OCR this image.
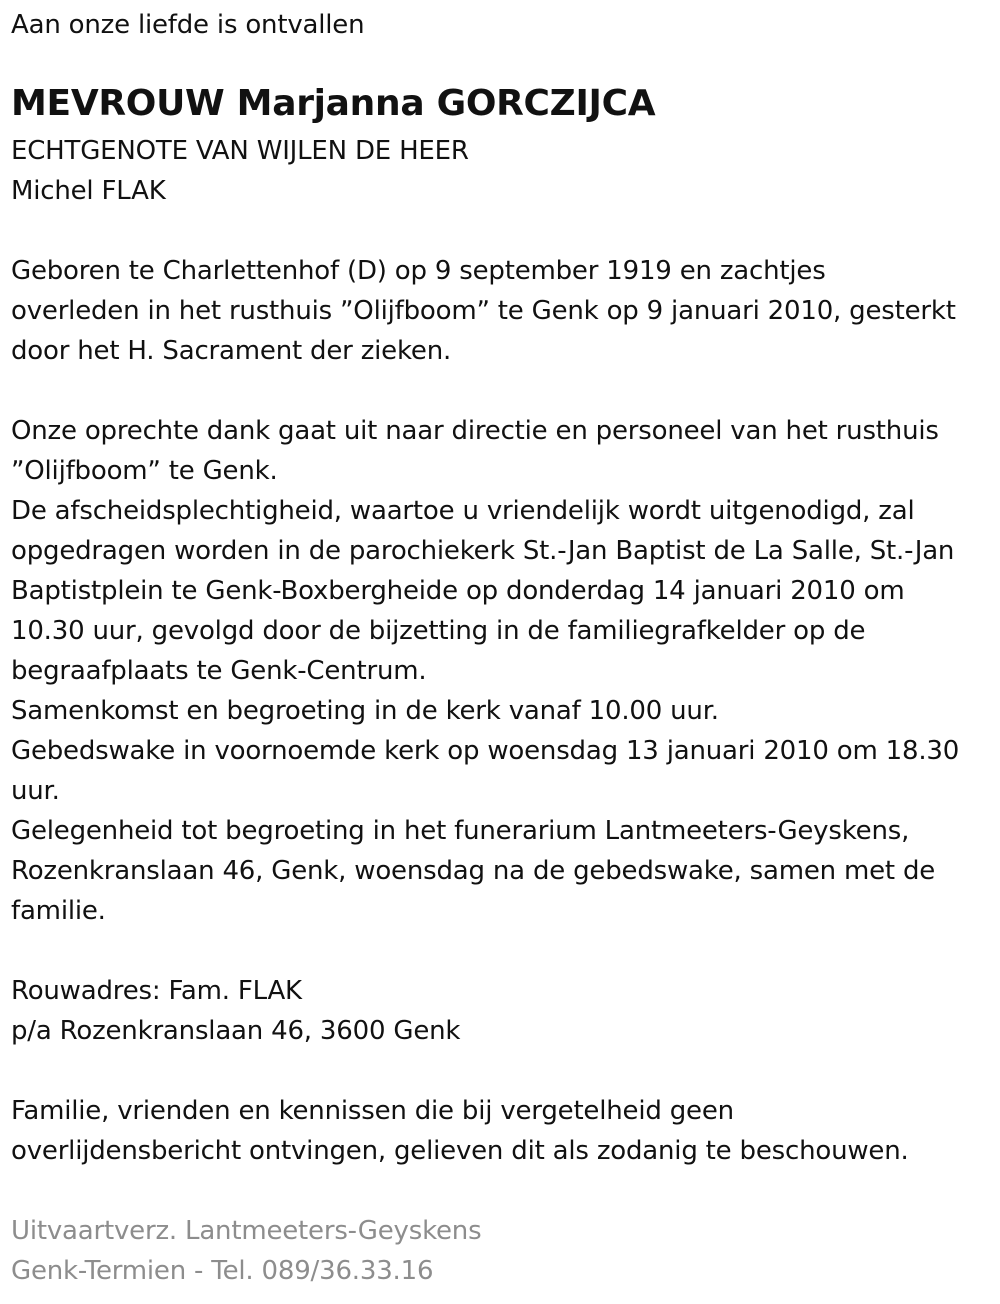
Aan onze liefde is ontvallen
MEVROUW Marjanna GORCZIJCA
ECHTGENOTE VAN WIJLEN DE HEER
Michel FLAK
Geboren te Charlettenhof (D) op 9 september 1919 en zachtjes
overleden in het rusthuis ˮOlijfboomˮ te Genk op 9 januari 2010, gesterkt
door het H. Sacrament der zieken.
Onze oprechte dank gaat uit naar directie en personeel van het rusthuis
ˮOlijfboomˮ te Genk.
De afscheidsplechtigheid, waartoe u vriendelijk wordt uitgenodigd, zal
opgedragen worden in de parochiekerk St.-Jan Baptist de La Salle, St.-Jan
Baptistplein te Genk-Boxbergheide op donderdag 14 januari 2010 om
10.30 uur, gevolgd door de bijzetting in de familiegrafkelder op de
begraafplaats te Genk-Centrum.
Samenkomst en begroeting in de kerk vanaf 10.00 uur.
Gebedswake in voornoemde kerk op woensdag 13 januari 2010 om 18.30
uur.
Gelegenheid tot begroeting in het funerarium Lantmeeters-Geyskens,
Rozenkranslaan 46, Genk, woensdag na de gebedswake, samen met de
familie.
Rouwadres: Fam. FLAK
p/a Rozenkranslaan 46, 3600 Genk
Familie, vrienden en kennissen die bij vergetelheid geen
overlijdensbericht ontvingen, gelieven dit als zodanig te beschouwen.
Uitvaartverz. Lantmeeters-Geyskens
Genk-Termien - Tel. 089/36.33.16
